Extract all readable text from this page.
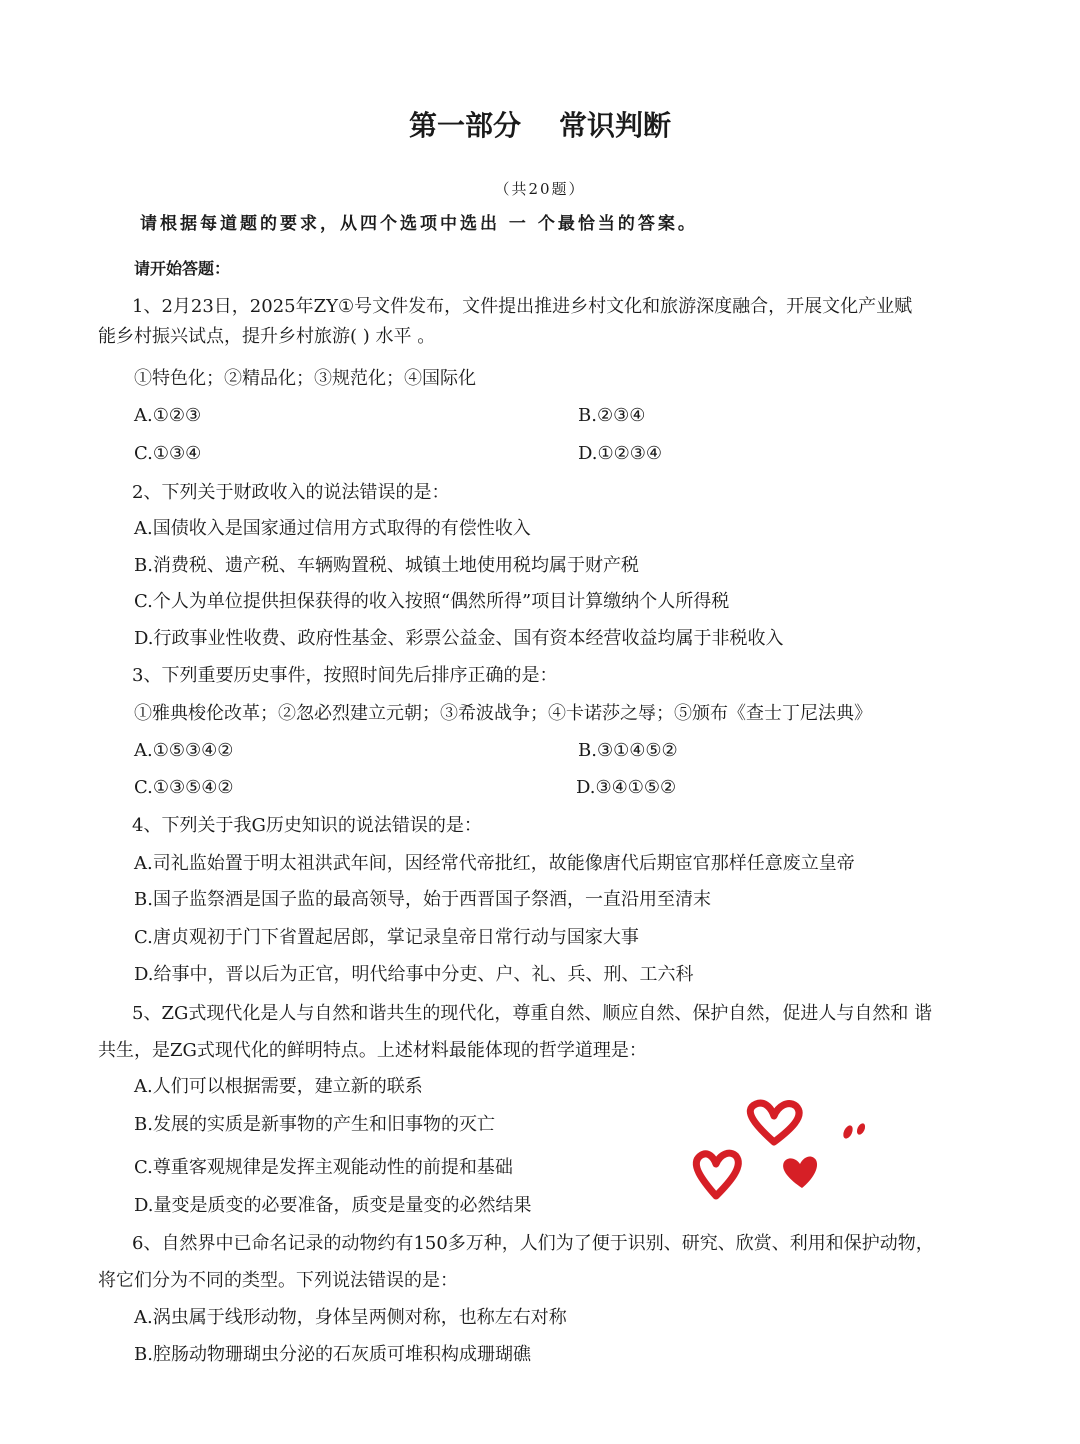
第一部分 常识判断
（共20题）
请根据每道题的要求，从四个选项中选出 一 个最恰当的答案。
请开始答题：
1、2月23日，2025年ZY①号文件发布，文件提出推进乡村文化和旅游深度融合，开展文化产业赋
能乡村振兴试点，提升乡村旅游( ) 水平 。
①特色化；②精品化；③规范化；④国际化
A.①②③	B.②③④
C.①③④	D.①②③④
2、下列关于财政收入的说法错误的是：
A.国债收入是国家通过信用方式取得的有偿性收入
B.消费税、遗产税、车辆购置税、城镇土地使用税均属于财产税
C.个人为单位提供担保获得的收入按照“偶然所得”项目计算缴纳个人所得税
D.行政事业性收费、政府性基金、彩票公益金、国有资本经营收益均属于非税收入
3、下列重要历史事件，按照时间先后排序正确的是：
①雅典梭伦改革；②忽必烈建立元朝；③希波战争；④卡诺莎之辱；⑤颁布《查士丁尼法典》
A.①⑤③④②	B.③①④⑤②
C.①③⑤④②	D.③④①⑤②
4、下列关于我G历史知识的说法错误的是：
A.司礼监始置于明太祖洪武年间，因经常代帝批红，故能像唐代后期宦官那样任意废立皇帝
B.国子监祭酒是国子监的最高领导，始于西晋国子祭酒，一直沿用至清末
C.唐贞观初于门下省置起居郎，掌记录皇帝日常行动与国家大事
D.给事中，晋以后为正官，明代给事中分吏、户、礼、兵、刑、工六科
5、ZG式现代化是人与自然和谐共生的现代化，尊重自然、顺应自然、保护自然，促进人与自然和 谐
共生，是ZG式现代化的鲜明特点。上述材料最能体现的哲学道理是：
A.人们可以根据需要，建立新的联系
B.发展的实质是新事物的产生和旧事物的灭亡
C.尊重客观规律是发挥主观能动性的前提和基础
D.量变是质变的必要准备，质变是量变的必然结果
6、自然界中已命名记录的动物约有150多万种，人们为了便于识别、研究、欣赏、利用和保护动物，
将它们分为不同的类型。下列说法错误的是：
A.涡虫属于线形动物，身体呈两侧对称，也称左右对称
B.腔肠动物珊瑚虫分泌的石灰质可堆积构成珊瑚礁
